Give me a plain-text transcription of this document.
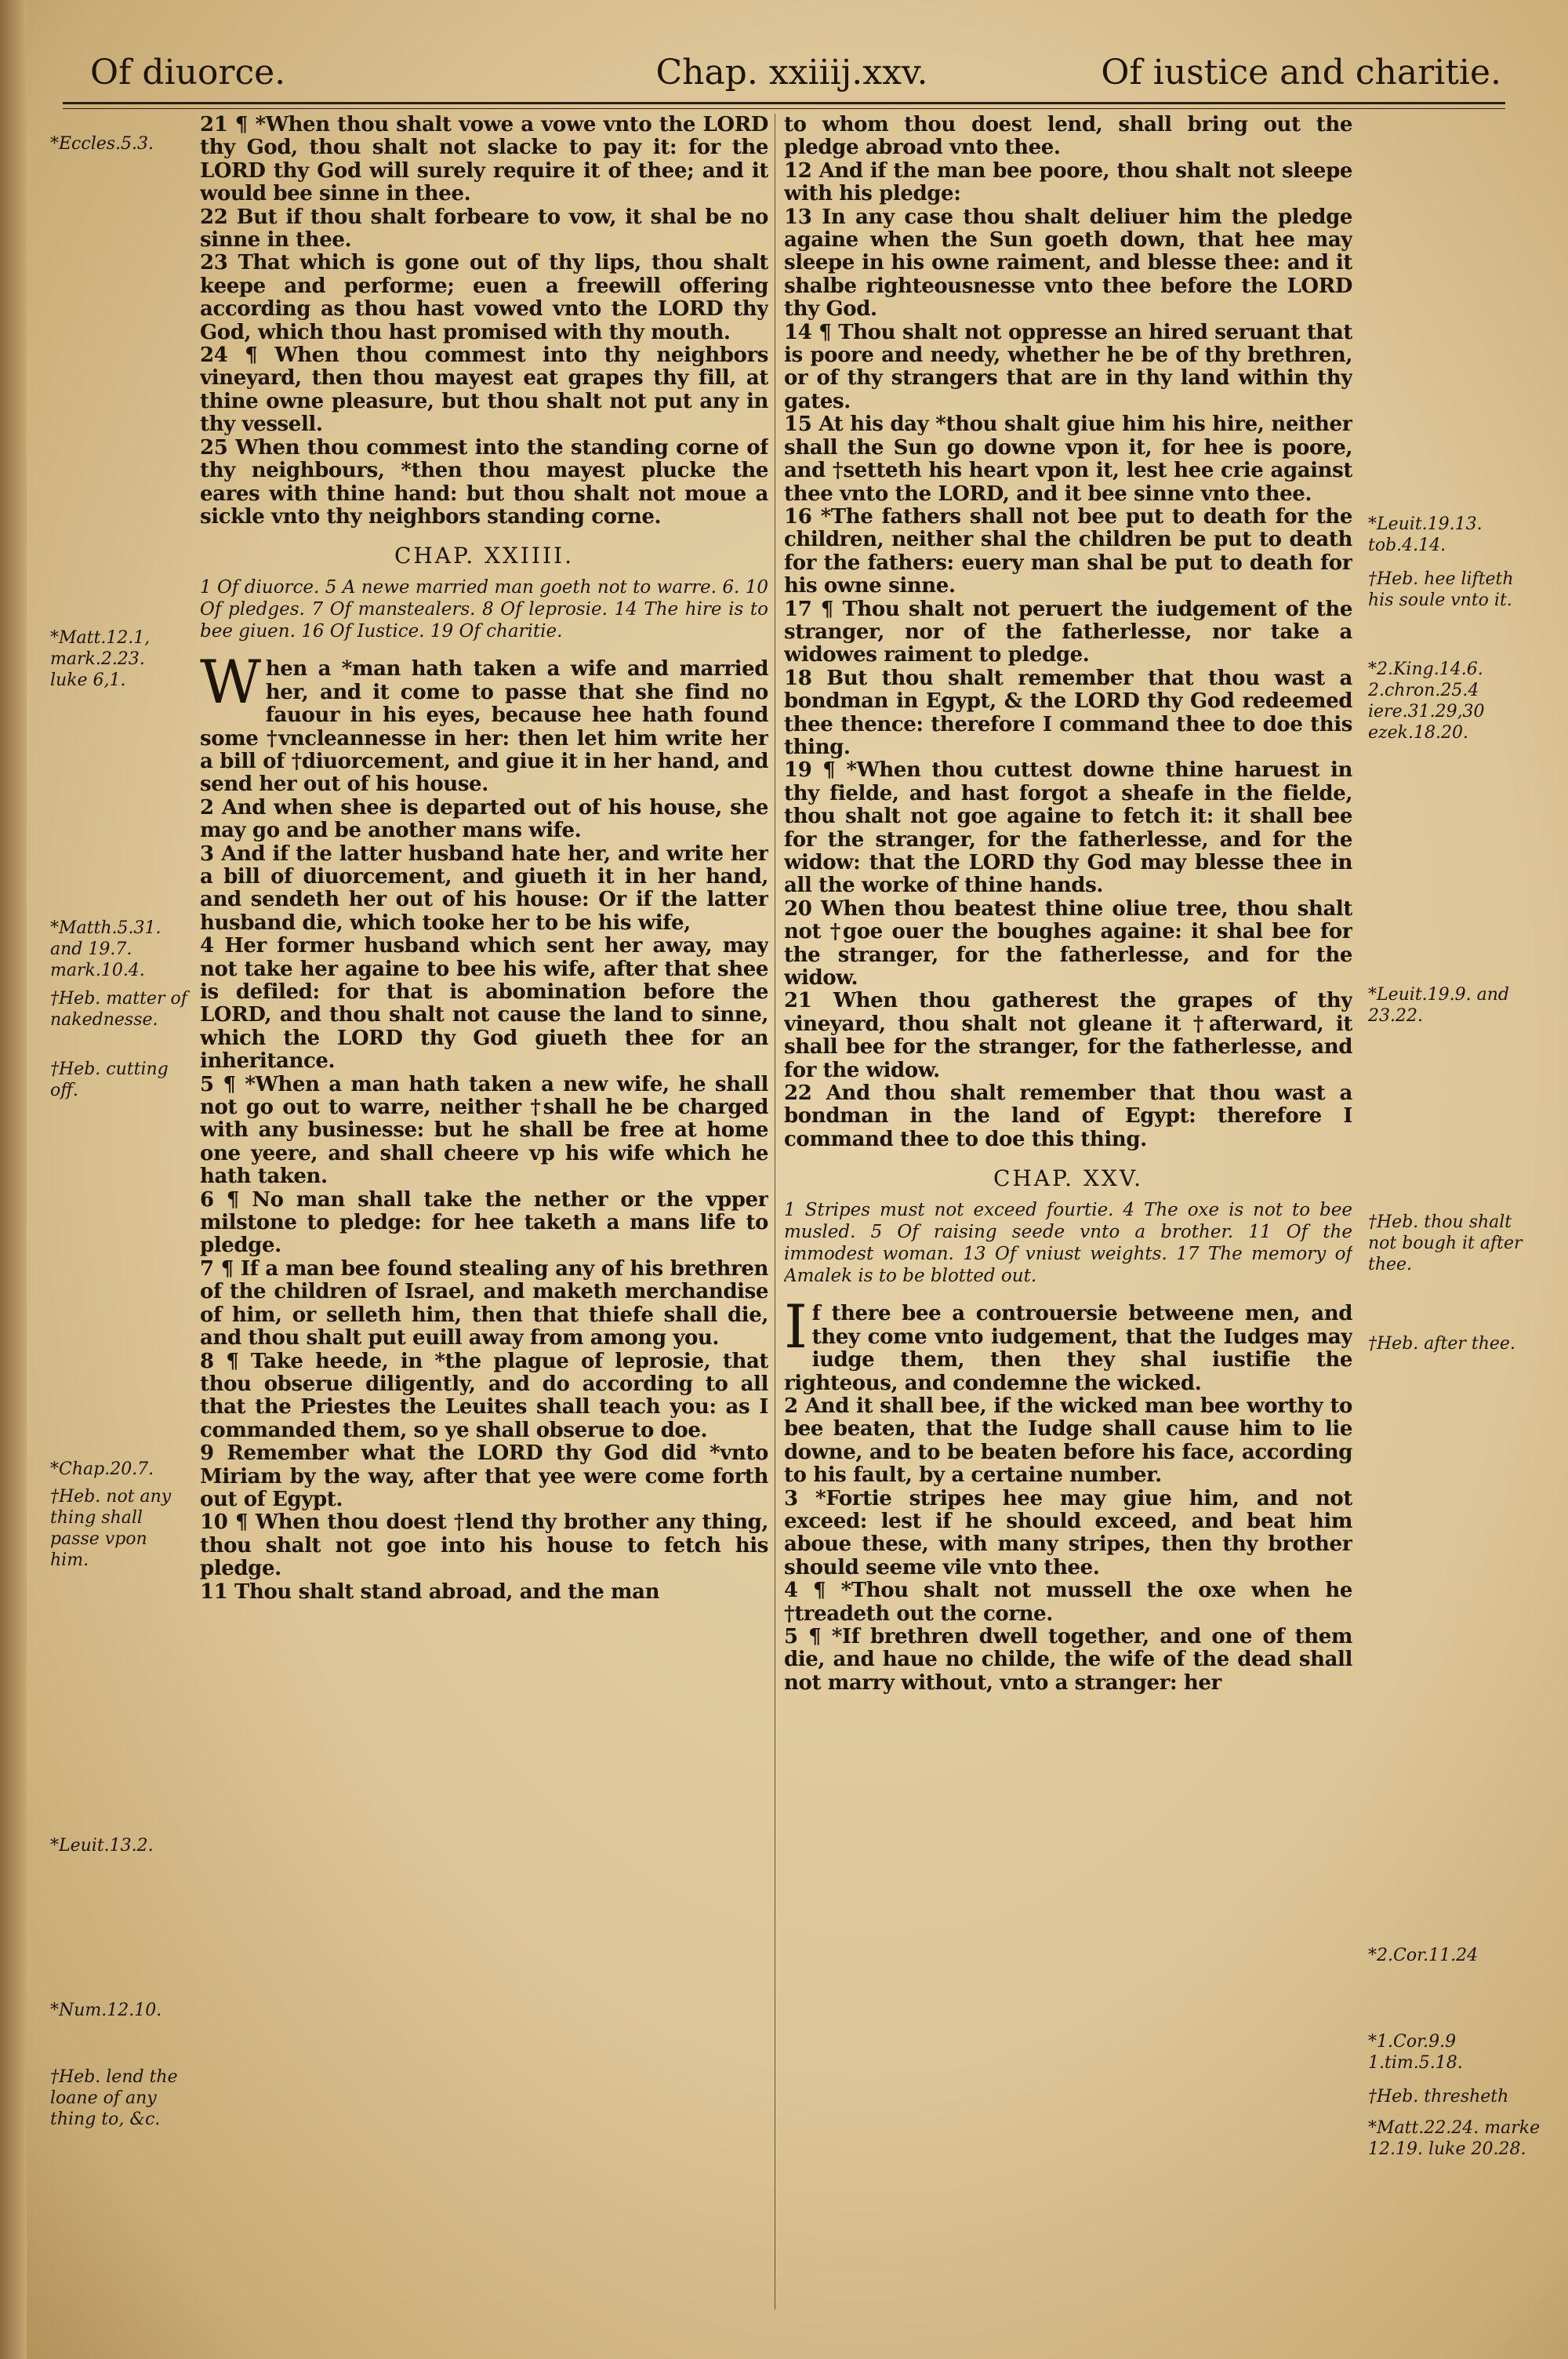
Of diuorce.	Chap. xxiiij.xxv.	Of iustice and charitie.

21 ¶ *When thou shalt vowe a vowe vnto the LORD thy God, thou shalt not slacke to pay it: for the LORD thy God will surely require it of thee; and it would bee sinne in thee.

22 But if thou shalt forbeare to vow, it shal be no sinne in thee.

23 That which is gone out of thy lips, thou shalt keepe and performe; euen a freewill offering according as thou hast vowed vnto the LORD thy God, which thou hast promised with thy mouth.

24 ¶ When thou commest into thy neighbors vineyard, then thou mayest eat grapes thy fill, at thine owne pleasure, but thou shalt not put any in thy vessell.

25 When thou commest into the standing corne of thy neighbours, *then thou mayest plucke the eares with thine hand: but thou shalt not moue a sickle vnto thy neighbors standing corne.

CHAP. XXIIII.

1 Of diuorce. 5 A newe married man goeth not to warre. 6. 10 Of pledges. 7 Of manstealers. 8 Of leprosie. 14 The hire is to bee giuen. 16 Of Iustice. 19 Of charitie.

When a *man hath taken a wife and married her, and it come to passe that she find no fauour in his eyes, because hee hath found some †vncleannesse in her: then let him write her a bill of †diuorcement, and giue it in her hand, and send her out of his house.

2 And when shee is departed out of his house, she may go and be another mans wife.

3 And if the latter husband hate her, and write her a bill of diuorcement, and giueth it in her hand, and sendeth her out of his house: Or if the latter husband die, which tooke her to be his wife,

4 Her former husband which sent her away, may not take her againe to bee his wife, after that shee is defiled: for that is abomination before the LORD, and thou shalt not cause the land to sinne, which the LORD thy God giueth thee for an inheritance.

5 ¶ *When a man hath taken a new wife, he shall not go out to warre, neither †shall he be charged with any businesse: but he shall be free at home one yeere, and shall cheere vp his wife which he hath taken.

6 ¶ No man shall take the nether or the vpper milstone to pledge: for hee taketh a mans life to pledge.

7 ¶ If a man bee found stealing any of his brethren of the children of Israel, and maketh merchandise of him, or selleth him, then that thiefe shall die, and thou shalt put euill away from among you.

8 ¶ Take heede, in *the plague of leprosie, that thou obserue diligently, and do according to all that the Priestes the Leuites shall teach you: as I commanded them, so ye shall obserue to doe.

9 Remember what the LORD thy God did *vnto Miriam by the way, after that yee were come forth out of Egypt.

10 ¶ When thou doest †lend thy brother any thing, thou shalt not goe into his house to fetch his pledge.

11 Thou shalt stand abroad, and the man

to whom thou doest lend, shall bring out the pledge abroad vnto thee.

12 And if the man bee poore, thou shalt not sleepe with his pledge:

13 In any case thou shalt deliuer him the pledge againe when the Sun goeth down, that hee may sleepe in his owne raiment, and blesse thee: and it shalbe righteousnesse vnto thee before the LORD thy God.

14 ¶ Thou shalt not oppresse an hired seruant that is poore and needy, whether he be of thy brethren, or of thy strangers that are in thy land within thy gates.

15 At his day *thou shalt giue him his hire, neither shall the Sun go downe vpon it, for hee is poore, and †setteth his heart vpon it, lest hee crie against thee vnto the LORD, and it bee sinne vnto thee.

16 *The fathers shall not bee put to death for the children, neither shal the children be put to death for the fathers: euery man shal be put to death for his owne sinne.

17 ¶ Thou shalt not peruert the iudgement of the stranger, nor of the fatherlesse, nor take a widowes raiment to pledge.

18 But thou shalt remember that thou wast a bondman in Egypt, & the LORD thy God redeemed thee thence: therefore I command thee to doe this thing.

19 ¶ *When thou cuttest downe thine haruest in thy fielde, and hast forgot a sheafe in the fielde, thou shalt not goe againe to fetch it: it shall bee for the stranger, for the fatherlesse, and for the widow: that the LORD thy God may blesse thee in all the worke of thine hands.

20 When thou beatest thine oliue tree, thou shalt not †goe ouer the boughes againe: it shal bee for the stranger, for the fatherlesse, and for the widow.

21 When thou gatherest the grapes of thy vineyard, thou shalt not gleane it †afterward, it shall bee for the stranger, for the fatherlesse, and for the widow.

22 And thou shalt remember that thou wast a bondman in the land of Egypt: therefore I command thee to doe this thing.

CHAP. XXV.

1 Stripes must not exceed fourtie. 4 The oxe is not to bee musled. 5 Of raising seede vnto a brother. 11 Of the immodest woman. 13 Of vniust weights. 17 The memory of Amalek is to be blotted out.

If there bee a controuersie betweene men, and they come vnto iudgement, that the Iudges may iudge them, then they shal iustifie the righteous, and condemne the wicked.

2 And it shall bee, if the wicked man bee worthy to bee beaten, that the Iudge shall cause him to lie downe, and to be beaten before his face, according to his fault, by a certaine number.

3 *Fortie stripes hee may giue him, and not exceed: lest if he should exceed, and beat him aboue these, with many stripes, then thy brother should seeme vile vnto thee.

4 ¶ *Thou shalt not mussell the oxe when he †treadeth out the corne.

5 ¶ *If brethren dwell together, and one of them die, and haue no childe, the wife of the dead shall not marry without, vnto a stranger: her

*Eccles.5.3.
*Matt.12.1, mark.2.23. luke 6,1.
*Matth.5.31. and 19.7. mark.10.4.
†Heb. matter of nakednesse.
†Heb. cutting off.
*Chap.20.7.
†Heb. not any thing shall passe vpon him.
*Leuit.13.2.
*Num.12.10.
†Heb. lend the loane of any thing to, &c.
*Leuit.19.13. tob.4.14.
†Heb. hee lifteth his soule vnto it.
*2.King.14.6. 2.chron.25.4 iere.31.29,30 ezek.18.20.
*Leuit.19.9. and 23.22.
†Heb. thou shalt not bough it after thee.
†Heb. after thee.
*2.Cor.11.24
*1.Cor.9.9 1.tim.5.18.
†Heb. thresheth
*Matt.22.24. marke 12.19. luke 20.28.
